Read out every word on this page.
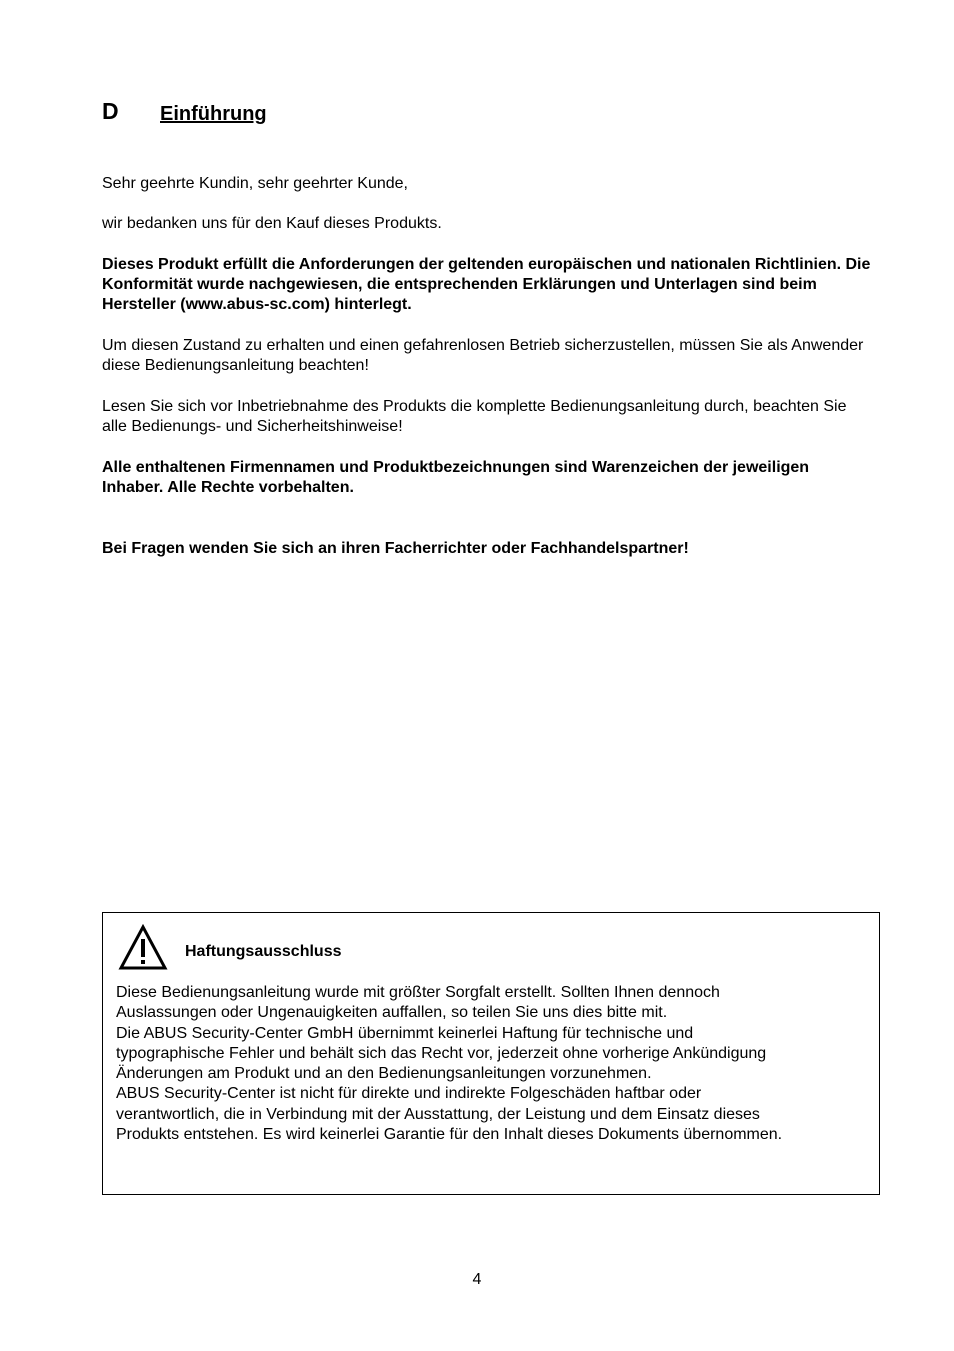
D Einführung
Sehr geehrte Kundin, sehr geehrter Kunde,
wir bedanken uns für den Kauf dieses Produkts.
Dieses Produkt erfüllt die Anforderungen der geltenden europäischen und nationalen Richtlinien. Die Konformität wurde nachgewiesen, die entsprechenden Erklärungen und Unterlagen sind beim Hersteller (www.abus-sc.com) hinterlegt.
Um diesen Zustand zu erhalten und einen gefahrenlosen Betrieb sicherzustellen, müssen Sie als Anwender diese Bedienungsanleitung beachten!
Lesen Sie sich vor Inbetriebnahme des Produkts die komplette Bedienungsanleitung durch, beachten Sie alle Bedienungs- und Sicherheitshinweise!
Alle enthaltenen Firmennamen und Produktbezeichnungen sind Warenzeichen der jeweiligen Inhaber. Alle Rechte vorbehalten.
Bei Fragen wenden Sie sich an ihren Facherrichter oder Fachhandelspartner!
Haftungsausschluss
Diese Bedienungsanleitung wurde mit größter Sorgfalt erstellt. Sollten Ihnen dennoch
Auslassungen oder Ungenauigkeiten auffallen, so teilen Sie uns dies bitte mit.
Die ABUS Security-Center GmbH übernimmt keinerlei Haftung für technische und
typographische Fehler und behält sich das Recht vor, jederzeit ohne vorherige Ankündigung
Änderungen am Produkt und an den Bedienungsanleitungen vorzunehmen.
ABUS Security-Center ist nicht für direkte und indirekte Folgeschäden haftbar oder
verantwortlich, die in Verbindung mit der Ausstattung, der Leistung und dem Einsatz dieses
Produkts entstehen. Es wird keinerlei Garantie für den Inhalt dieses Dokuments übernommen.
4
